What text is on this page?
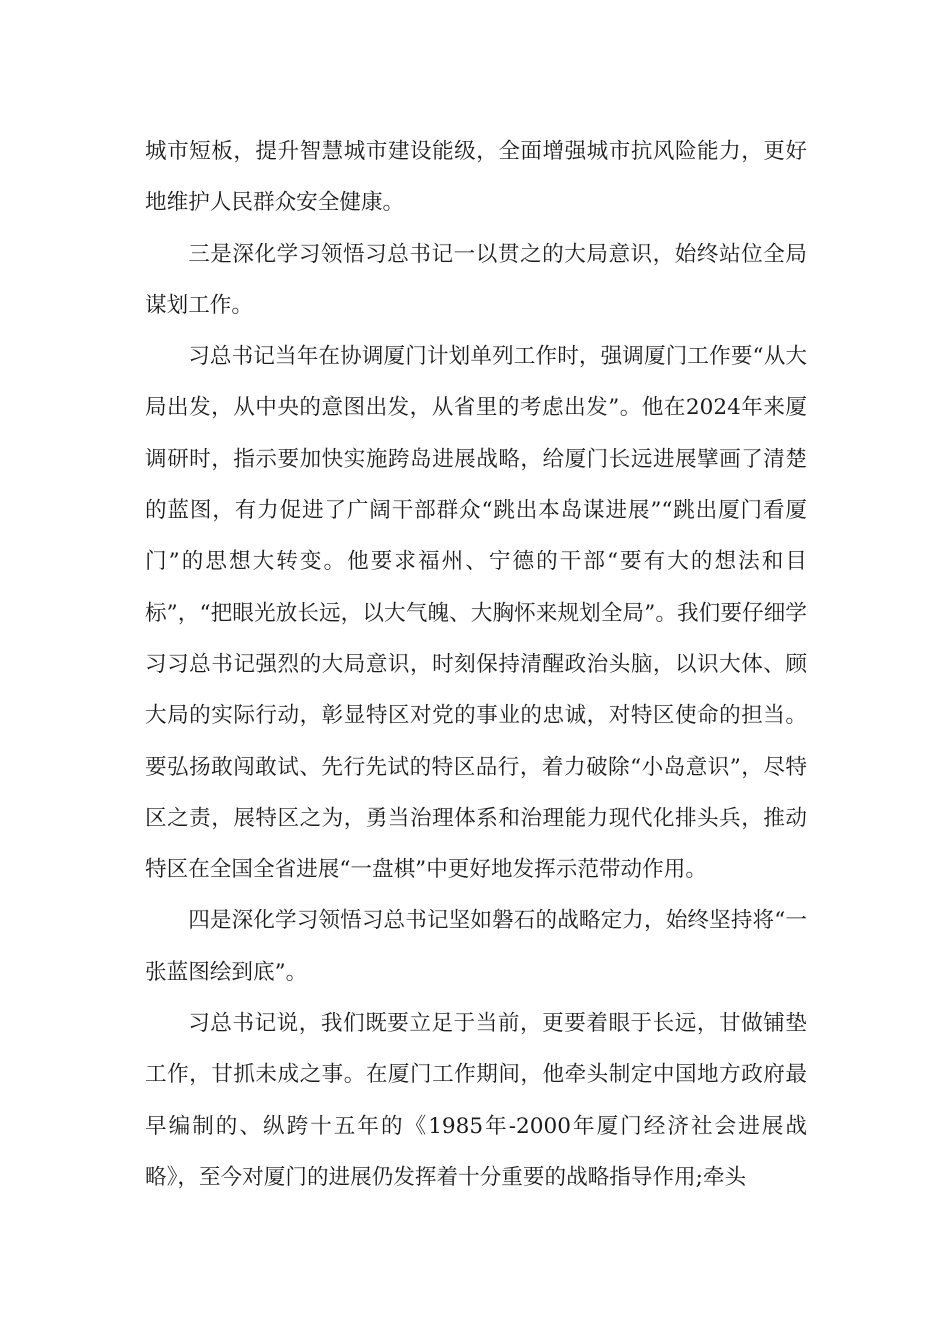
城市短板，提升智慧城市建设能级，全面增强城市抗风险能力，更好地维护人民群众安全健康。

三是深化学习领悟习总书记一以贯之的大局意识，始终站位全局谋划工作。

习总书记当年在协调厦门计划单列工作时，强调厦门工作要“从大局出发，从中央的意图出发，从省里的考虑出发”。他在2024年来厦调研时，指示要加快实施跨岛进展战略，给厦门长远进展擘画了清楚的蓝图，有力促进了广阔干部群众“跳出本岛谋进展”“跳出厦门看厦门”的思想大转变。他要求福州、宁德的干部“要有大的想法和目标”，“把眼光放长远，以大气魄、大胸怀来规划全局”。我们要仔细学习习总书记强烈的大局意识，时刻保持清醒政治头脑，以识大体、顾大局的实际行动，彰显特区对党的事业的忠诚，对特区使命的担当。要弘扬敢闯敢试、先行先试的特区品行，着力破除“小岛意识”，尽特区之责，展特区之为，勇当治理体系和治理能力现代化排头兵，推动特区在全国全省进展“一盘棋”中更好地发挥示范带动作用。

四是深化学习领悟习总书记坚如磐石的战略定力，始终坚持将“一张蓝图绘到底”。

习总书记说，我们既要立足于当前，更要着眼于长远，甘做铺垫工作，甘抓未成之事。在厦门工作期间，他牵头制定中国地方政府最早编制的、纵跨十五年的《1985年-2000年厦门经济社会进展战略》，至今对厦门的进展仍发挥着十分重要的战略指导作用;牵头
